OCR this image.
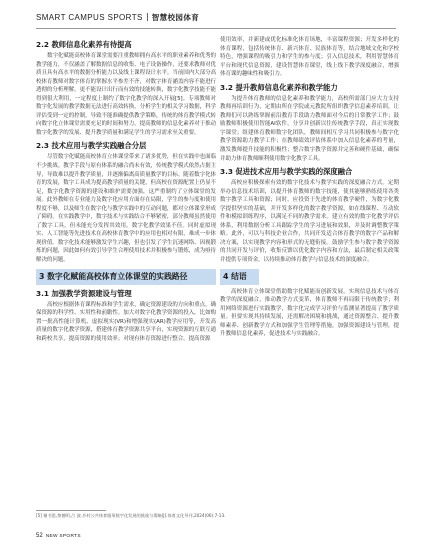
SMART CAMPUS SPORTS 智慧校园体育
2.2 教师信息化素养有待提高

数字化赋能高校体育课堂需要注重教师拥有高水平的职业素养和优秀的教学能力，不仅涵盖了解数据信息的收集、电子设备操作，还要求教师对优质且具有高水平的数据分析能力以及线上课程设计水平。当前国内大部分高校体育教师对数字体育的掌握水平参差不齐，对数字体育涵盖内容不能进行透彻的分析理解，更不能设计出行而有效的技能转换，数字化教学技能不能得到很大利用，一定程度上制约了数字化教学的深入开展[5]。专项教师对数字化发展的教学数据无法进行高效转换，分析学生的相关学习数据，科学评估受到一定的控制，导致不能准确提供教学策略，传统的体育教学模式转向数字化立体课堂需要充足的时间和努力，提高教师的信息化素养对于推动数字化教学的发展、提升教学质量和满足学生的学习需求至关重要。

2.3 技术应用与教学实践融合分层

尽管数字化赋能高校体育立体课堂带来了诸多优势，但在实践中也面临不少挑战。教学手段与原有体系的融合尚未有效，传统教学模式依然占据主导，导致难以提升教学质量，并逐渐偏离高质量教学的目标。随着数字化体育的发展，数字工具成为提高教学质量的关键，但高校在资源配置上仍显不足，数字化教学资源的建设和维护需要加强，这严重制约了立体课堂的发展。此外教师在专业能力及数字化应用方面存在局限，学生的参与度和使用程度不够，以及师生在数字化与教学实践中的互动问题，都对立体课堂形成了障碍。在实践教学中，数字技术与实践结合不够紧密，部分教师虽然使用了数字工具，但未能充分发挥其效用，数字化教学效果不佳。同时虚拟现实、人工智能等先进技术在高校体育教学中的应用也相对有限，难成一步体现价值。数字化技术能够激发学生兴趣，但也引发了学生沉迷网络、因视锻炼的问题，因此如何有效引导学生合理使用技术并积极参与锻炼，成为亟待解决的问题。

3 数字化赋能高校体育立体课堂的实践路径
3.1 加强教学资源建设与管理

高校应根据体育课程标准和学生需求，确定资源建设的方向和重点，确保资源的科学性、实用性和前瞻性。加大对数字化教学资源的投入，比如购置一批高性能计算机、虚拟现实(VR)和增强现实(AR)教学应用等，开发高质量的数字化教学资源，搭建体育教学资源共享平台，实现资源的互联互通和跨校共享，提高资源的使用效率；对现有体育资源进行整合，提高资源

使用效率，并新建或优化标准化体育场地，丰富课程资源；开发多样化的体育课程，包括传统体育、新兴体育、民族体育等，结合地域文化和学校特色，增强课程的吸引力和学生的参与度；引入信息技术，利用智慧体育平台和现代信息资源，建设智慧体育课堂，线上线下教学深度融合，增强体育课的趣味性和吸引力。

3.2 提升教师信息化素养和教学能力

为提升体育教师的信息化素养和教学能力，高校所需部门应大力支持教师再培训行为，定期由所在学院或元教院所组织教学信息素养培训，让教师们可以熟练掌握前沿教育手段助力教师面对今后的日常教学工作；鼓励教师积极使用智能AI软件，分享并创新以往传统教学手段，真正实现数字课堂；组建体育教师数字化团队，教师间相互学习共同积极参与数字化教学资源助力教学工作；在教师绩效评估体系中加入信息化素养的考量，激发教师提升技能的积极性；整合数字教学资源并完善和硬件基础，确保并助力体育教师顺利使用数字化教学工具。

3.3 促进技术应用与教学实践的深度融合

高校应积极探索有效的数字化技术与教学实践的深度融合方式。定期举办信息技术培训，以提升体育教师的数字技能，使其能够熟练使用各类数字教学工具和资源；同时，应投资于先进的体育教学硬件，为数字化教学提供坚实的基础，并开发多样化的数字教学资源，如在线课程、互动软件和模拟训练程序，以满足不同的教学需求。建立有效的数字化教学评估体系，利用数据分析工具跟踪学生的学习进展和效果，并及时调整教学策略。此外，可以与科技企业合作，共同开发适合体育教学的数字产品和解决方案，以实现教学内容和形式的无缝衔接。鼓励学生参与数字教学资源的共同开发与评价，收集反馈以优化数字内容和方法，最后制定相关政策并提供专项资金，以持续推动体育教学与信息技术的深度融合。

4 结语

高校体育立体课堂借助数字化赋能而创新发展，实现信息技术与体育教学的深度融合，推动教学方式变革，体育教师不再局限于传统教学；利用网络资源进行实践教学，数字化完成学习评价与监测显著提高了教学质量。但要实现其持续发展，还需解决困境和挑战，通过资源整合、提升教师素养、创新教学方式和加强学生管理等措施，加强资源建设与管理，提升教师信息化素养，促进技术与实践融合。

[5] 谢书恩,黎德明,吕 波.乡村公共体育服务数字化发展的挑战与策略[J].体育文化导刊,2024(06):7-13.
52 NEW SPORTS
